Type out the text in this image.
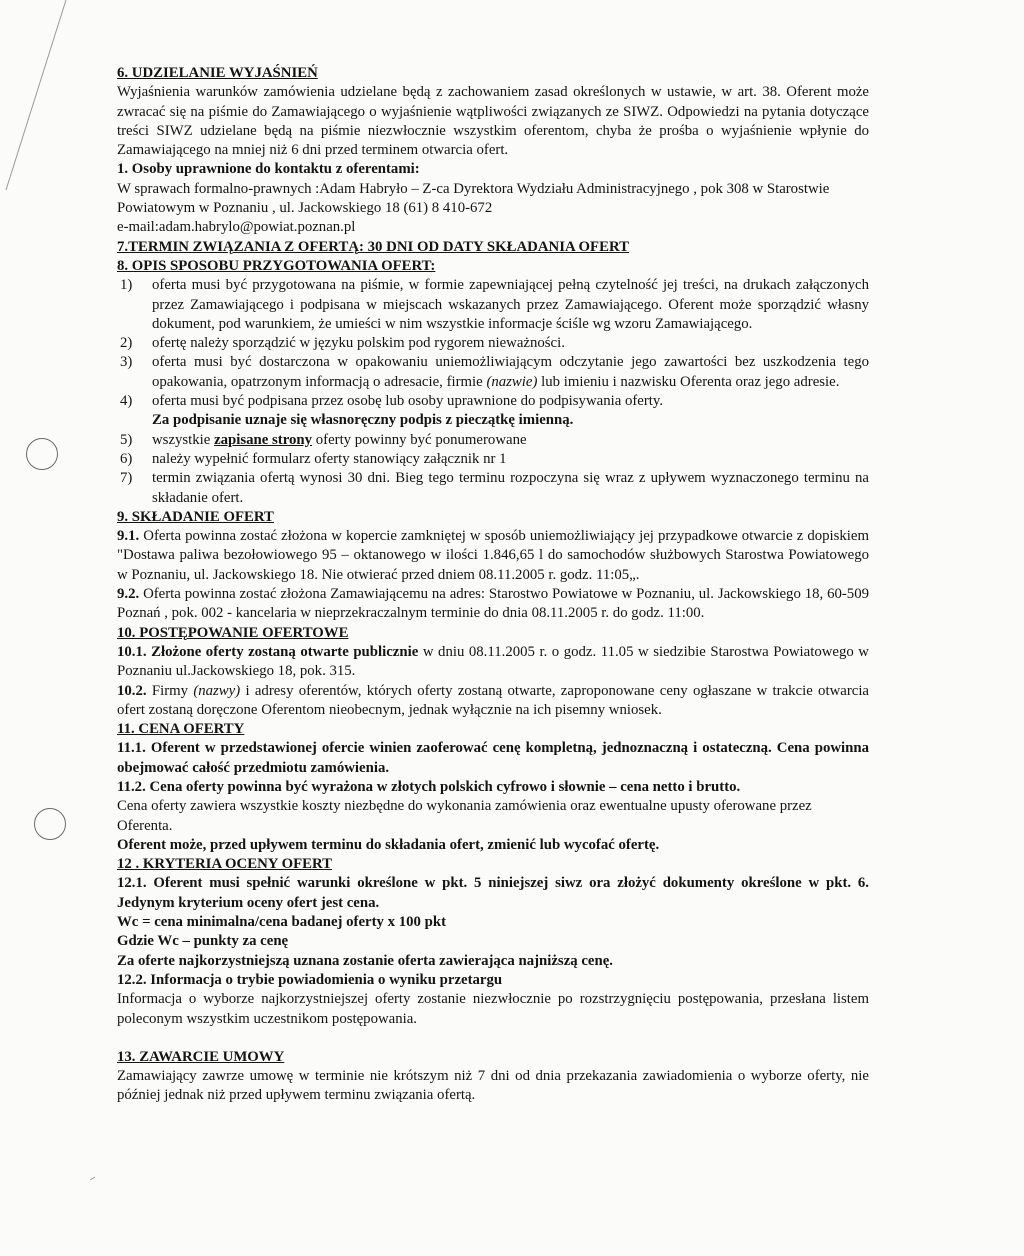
6. UDZIELANIE WYJAŚNIEŃ

Wyjaśnienia warunków zamówienia udzielane będą z zachowaniem zasad określonych w ustawie, w art. 38. Oferent może zwracać się na piśmie do Zamawiającego o wyjaśnienie wątpliwości związanych ze SIWZ. Odpowiedzi na pytania dotyczące treści SIWZ udzielane będą na piśmie niezwłocznie wszystkim oferentom, chyba że prośba o wyjaśnienie wpłynie do Zamawiającego na mniej niż 6 dni przed terminem otwarcia ofert.

1. Osoby uprawnione do kontaktu z oferentami:

W sprawach formalno-prawnych :Adam Habryło – Z-ca Dyrektora Wydziału Administracyjnego , pok 308 w Starostwie Powiatowym w Poznaniu , ul. Jackowskiego 18 (61) 8 410-672

e-mail:adam.habrylo@powiat.poznan.pl

7.TERMIN ZWIĄZANIA Z OFERTĄ: 30 DNI OD DATY SKŁADANIA OFERT

8. OPIS SPOSOBU PRZYGOTOWANIA OFERT:

1) oferta musi być przygotowana na piśmie, w formie zapewniającej pełną czytelność jej treści, na drukach załączonych przez Zamawiającego i podpisana w miejscach wskazanych przez Zamawiającego. Oferent może sporządzić własny dokument, pod warunkiem, że umieści w nim wszystkie informacje ściśle wg wzoru Zamawiającego.
2) ofertę należy sporządzić w języku polskim pod rygorem nieważności.
3) oferta musi być dostarczona w opakowaniu uniemożliwiającym odczytanie jego zawartości bez uszkodzenia tego opakowania, opatrzonym informacją o adresacie, firmie (nazwie) lub imieniu i nazwisku Oferenta oraz jego adresie.
4) oferta musi być podpisana przez osobę lub osoby uprawnione do podpisywania oferty.
Za podpisanie uznaje się własnoręczny podpis z pieczątkę imienną.
5) wszystkie zapisane strony oferty powinny być ponumerowane
6) należy wypełnić formularz oferty stanowiący załącznik nr 1
7) termin związania ofertą wynosi 30 dni. Bieg tego terminu rozpoczyna się wraz z upływem wyznaczonego terminu na składanie ofert.

9. SKŁADANIE OFERT

9.1. Oferta powinna zostać złożona w kopercie zamkniętej w sposób uniemożliwiający jej przypadkowe otwarcie z dopiskiem "Dostawa paliwa bezołowiowego 95 – oktanowego w ilości 1.846,65 l do samochodów służbowych Starostwa Powiatowego w Poznaniu, ul. Jackowskiego 18. Nie otwierać przed dniem 08.11.2005 r. godz. 11:05„.

9.2. Oferta powinna zostać złożona Zamawiającemu na adres: Starostwo Powiatowe w Poznaniu, ul. Jackowskiego 18, 60-509 Poznań , pok. 002 - kancelaria w nieprzekraczalnym terminie do dnia 08.11.2005 r. do godz. 11:00.

10. POSTĘPOWANIE OFERTOWE

10.1. Złożone oferty zostaną otwarte publicznie w dniu 08.11.2005 r. o godz. 11.05 w siedzibie Starostwa Powiatowego w Poznaniu ul.Jackowskiego 18, pok. 315.

10.2. Firmy (nazwy) i adresy oferentów, których oferty zostaną otwarte, zaproponowane ceny ogłaszane w trakcie otwarcia ofert zostaną doręczone Oferentom nieobecnym, jednak wyłącznie na ich pisemny wniosek.

11. CENA OFERTY

11.1. Oferent w przedstawionej ofercie winien zaoferować cenę kompletną, jednoznaczną i ostateczną. Cena powinna obejmować całość przedmiotu zamówienia.

11.2. Cena oferty powinna być wyrażona w złotych polskich cyfrowo i słownie – cena netto i brutto.

Cena oferty zawiera wszystkie koszty niezbędne do wykonania zamówienia oraz ewentualne upusty oferowane przez Oferenta.

Oferent może, przed upływem terminu do składania ofert, zmienić lub wycofać ofertę.

12 . KRYTERIA OCENY OFERT

12.1. Oferent musi spełnić warunki określone w pkt. 5 niniejszej siwz ora złożyć dokumenty określone w pkt. 6. Jedynym kryterium oceny ofert jest cena.

Wc = cena minimalna/cena badanej oferty x 100 pkt

Gdzie Wc – punkty za cenę

Za oferte najkorzystniejszą uznana zostanie oferta zawierająca najniższą cenę.

12.2. Informacja o trybie powiadomienia o wyniku przetargu

Informacja o wyborze najkorzystniejszej oferty zostanie niezwłocznie po rozstrzygnięciu postępowania, przesłana listem poleconym wszystkim uczestnikom postępowania.

13. ZAWARCIE UMOWY

Zamawiający zawrze umowę w terminie nie krótszym niż 7 dni od dnia przekazania zawiadomienia o wyborze oferty, nie później jednak niż przed upływem terminu związania ofertą.
